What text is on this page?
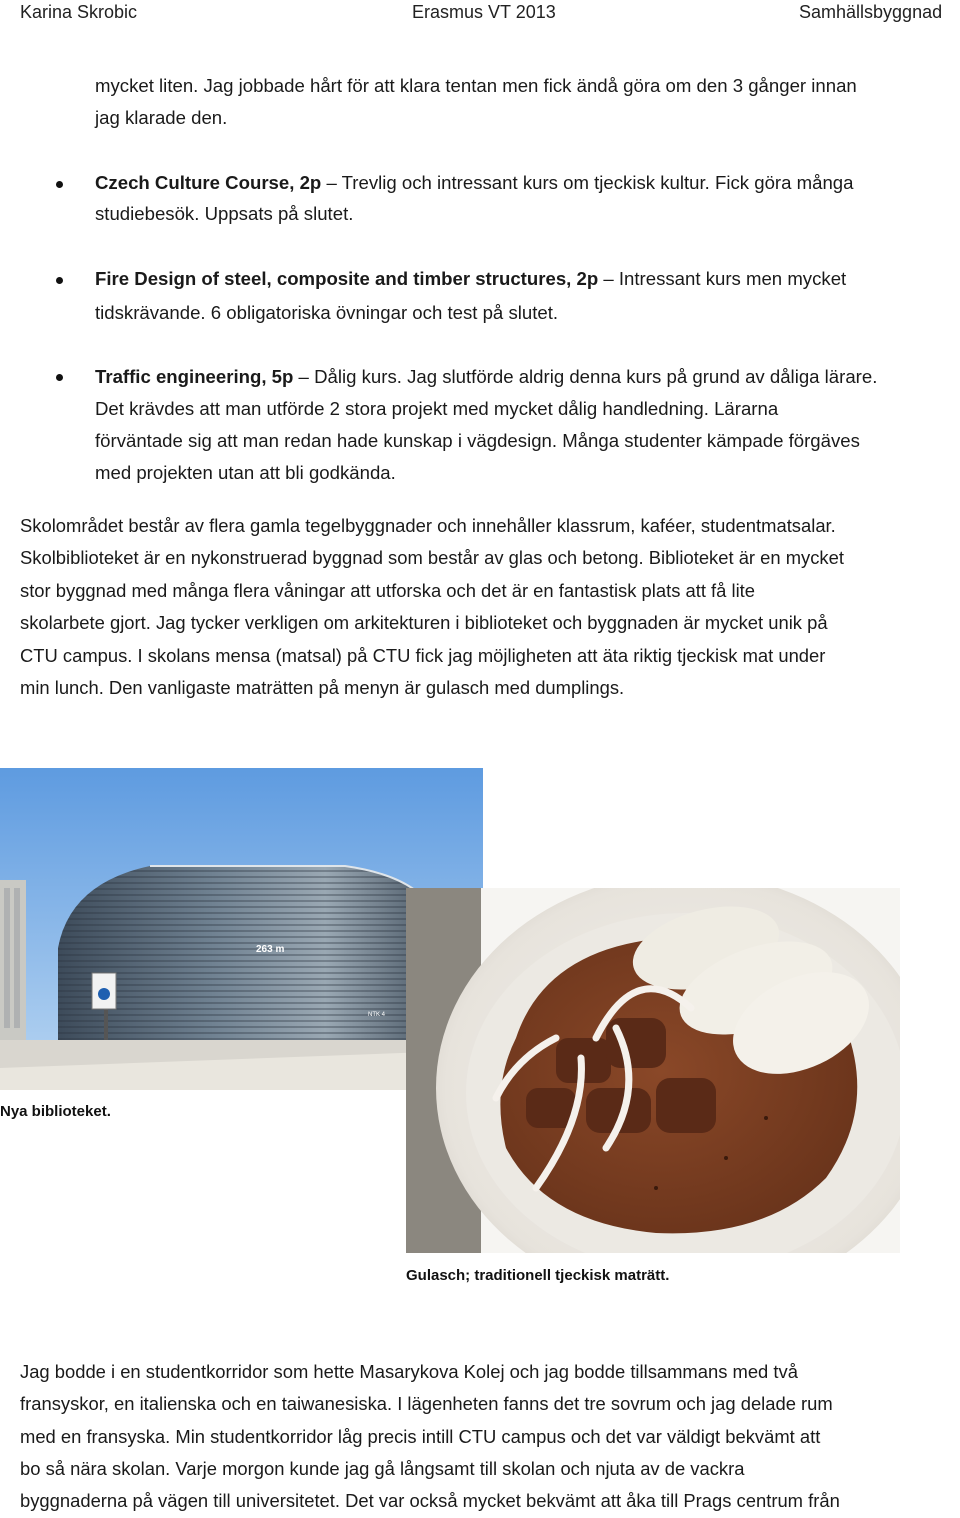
Karina Skrobic	Erasmus VT 2013	Samhällsbyggnad
mycket liten. Jag jobbade hårt för att klara tentan men fick ändå göra om den 3 gånger innan
jag klarade den.
Czech Culture Course, 2p – Trevlig och intressant kurs om tjeckisk kultur. Fick göra många
studiebesök. Uppsats på slutet.
Fire Design of steel, composite and timber structures, 2p – Intressant kurs men mycket
tidskrävande. 6 obligatoriska övningar och test på slutet.
Traffic engineering, 5p – Dålig kurs. Jag slutförde aldrig denna kurs på grund av dåliga lärare.
Det krävdes att man utförde 2 stora projekt med mycket dålig handledning. Lärarna
förväntade sig att man redan hade kunskap i vägdesign. Många studenter kämpade förgäves
med projekten utan att bli godkända.
Skolområdet består av flera gamla tegelbyggnader och innehåller klassrum, kaféer, studentmatsalar.
Skolbiblioteket är en nykonstruerad byggnad som består av glas och betong. Biblioteket är en mycket
stor byggnad med många flera våningar att utforska och det är en fantastisk plats att få lite
skolarbete gjort. Jag tycker verkligen om arkitekturen i biblioteket och byggnaden är mycket unik på
CTU campus. I skolans mensa (matsal) på CTU fick jag möjligheten att äta riktig tjeckisk mat under
min lunch. Den vanligaste maträtten på menyn är gulasch med dumplings.
263 m
NTK 4
Nya biblioteket.
Gulasch; traditionell tjeckisk maträtt.
Jag bodde i en studentkorridor som hette Masarykova Kolej och jag bodde tillsammans med två
fransyskor, en italienska och en taiwanesiska. I lägenheten fanns det tre sovrum och jag delade rum
med en fransyska. Min studentkorridor låg precis intill CTU campus och det var väldigt bekvämt att
bo så nära skolan. Varje morgon kunde jag gå långsamt till skolan och njuta av de vackra
byggnaderna på vägen till universitetet. Det var också mycket bekvämt att åka till Prags centrum från
